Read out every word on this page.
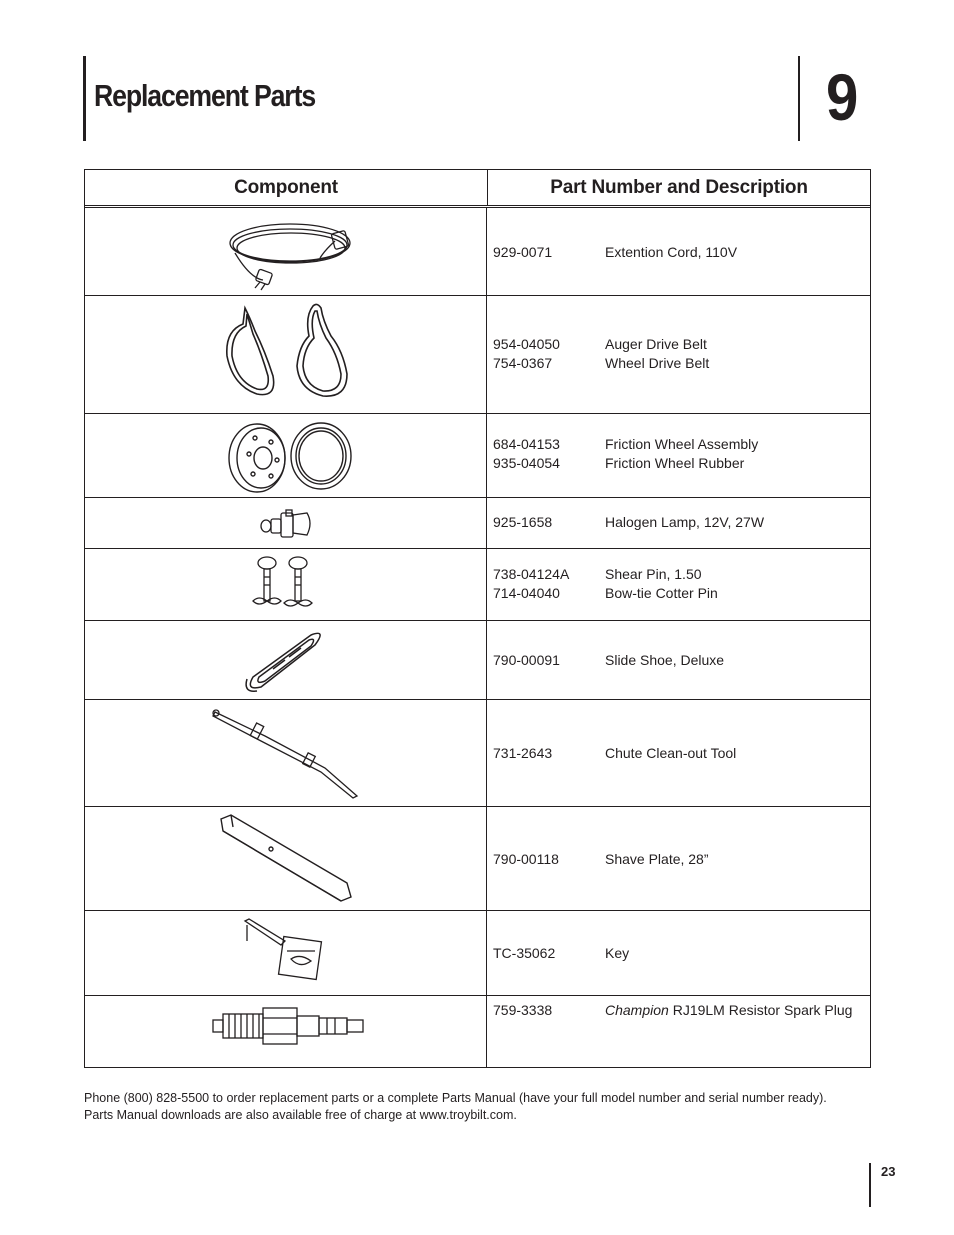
Replacement Parts	9
Component	Part Number and Description
929-0071	Extention Cord, 110V
954-04050	Auger Drive Belt
754-0367	Wheel Drive Belt
684-04153	Friction Wheel Assembly
935-04054	Friction Wheel Rubber
925-1658	Halogen Lamp, 12V, 27W
738-04124A	Shear Pin, 1.50
714-04040	Bow-tie Cotter Pin
790-00091	Slide Shoe, Deluxe
731-2643	Chute Clean-out Tool
790-00118	Shave Plate, 28”
TC-35062	Key
759-3338	Champion RJ19LM Resistor Spark Plug
Phone (800) 828-5500 to order replacement parts or a complete Parts Manual (have your full model number and serial number ready).
Parts Manual downloads are also available free of charge at www.troybilt.com.
23
